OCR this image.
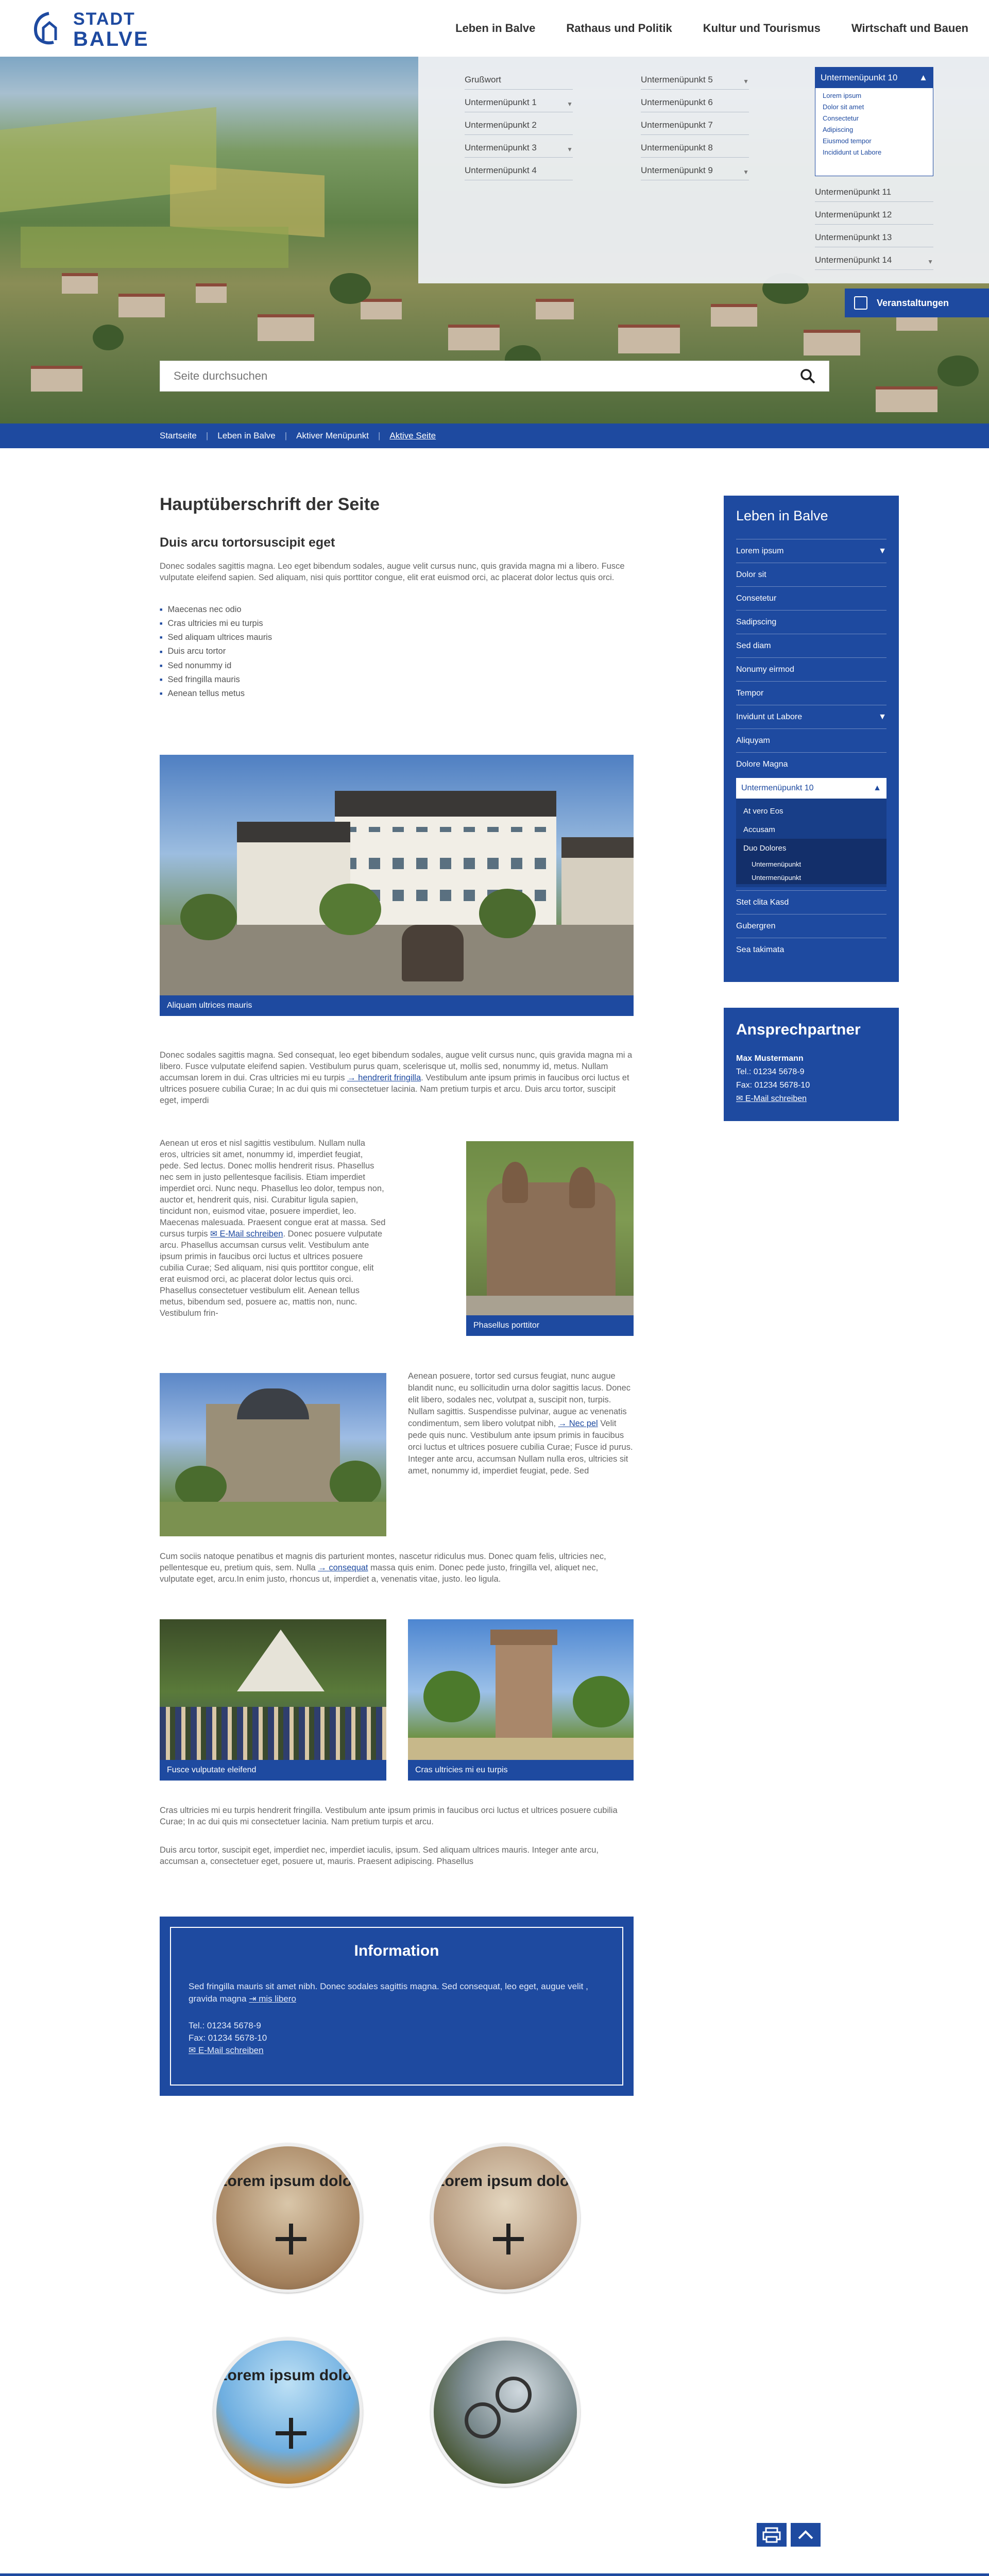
STADT
BALVE	Leben in Balve	Rathaus und Politik	Kultur und Tourismus	Wirtschaft und Bauen
Grußwort
Untermenüpunkt 1	▼
Untermenüpunkt 2
Untermenüpunkt 3	▼
Untermenüpunkt 4
Untermenüpunkt 5	▼
Untermenüpunkt 6
Untermenüpunkt 7
Untermenüpunkt 8
Untermenüpunkt 9	▼
Untermenüpunkt 10 ▲
Lorem ipsum
Dolor sit amet
Consectetur
Adipiscing
Eiusmod tempor
Incididunt ut Labore
Untermenüpunkt 11
Untermenüpunkt 12
Untermenüpunkt 13
Untermenüpunkt 14	▼
Veranstaltungen
Seite durchsuchen
Startseite | Leben in Balve | Aktiver Menüpunkt | Aktive Seite
Hauptüberschrift der Seite
Duis arcu tortorsuscipit eget

Donec sodales sagittis magna. Leo eget bibendum sodales, augue velit cursus nunc, quis gravida magna mi a libero. Fusce vulputate eleifend sapien. Sed aliquam, nisi quis porttitor congue, elit erat euismod orci, ac placerat dolor lectus quis orci.

■ Maecenas nec odio
■ Cras ultricies mi eu turpis
■ Sed aliquam ultrices mauris
■ Duis arcu tortor
■ Sed nonummy id
■ Sed fringilla mauris
■ Aenean tellus metus
Aliquam ultrices mauris

Donec sodales sagittis magna. Sed consequat, leo eget bibendum sodales, augue velit cursus nunc, quis gravida magna mi a libero. Fusce vulputate eleifend sapien. Vestibulum purus quam, scelerisque ut, mollis sed, nonummy id, metus. Nullam accumsan lorem in dui. Cras ultricies mi eu turpis → hendrerit fringilla. Vestibulum ante ipsum primis in faucibus orci luctus et ultrices posuere cubilia Curae; In ac dui quis mi consectetuer lacinia. Nam pretium turpis et arcu. Duis arcu tortor, suscipit eget, imperdi

Aenean ut eros et nisl sagittis vestibulum. Nullam nulla eros, ultricies sit amet, nonummy id, imperdiet feugiat, pede. Sed lectus. Donec mollis hendrerit risus. Phasellus nec sem in justo pellentesque facilisis. Etiam imperdiet imperdiet orci. Nunc nequ. Phasellus leo dolor, tempus non, auctor et, hendrerit quis, nisi. Curabitur ligula sapien, tincidunt non, euismod vitae, posuere imperdiet, leo. Maecenas malesuada. Praesent congue erat at massa. Sed cursus turpis ✉ E-Mail schreiben. Donec posuere vulputate arcu. Phasellus accumsan cursus velit. Vestibulum ante ipsum primis in faucibus orci luctus et ultrices posuere cubilia Curae; Sed aliquam, nisi quis porttitor congue, elit erat euismod orci, ac placerat dolor lectus quis orci. Phasellus consectetuer vestibulum elit. Aenean tellus metus, bibendum sed, posuere ac, mattis non, nunc. Vestibulum frin-

Phasellus porttitor

Aenean posuere, tortor sed cursus feugiat, nunc augue blandit nunc, eu sollicitudin urna dolor sagittis lacus. Donec elit libero, sodales nec, volutpat a, suscipit non, turpis. Nullam sagittis. Suspendisse pulvinar, augue ac venenatis condimentum, sem libero volutpat nibh, → Nec pel Velit pede quis nunc. Vestibulum ante ipsum primis in faucibus orci luctus et ultrices posuere cubilia Curae; Fusce id purus. Integer ante arcu, accumsan Nullam nulla eros, ultricies sit amet, nonummy id, imperdiet feugiat, pede. Sed

Cum sociis natoque penatibus et magnis dis parturient montes, nascetur ridiculus mus. Donec quam felis, ultricies nec, pellentesque eu, pretium quis, sem. Nulla → consequat massa quis enim. Donec pede justo, fringilla vel, aliquet nec, vulputate eget, arcu.In enim justo, rhoncus ut, imperdiet a, venenatis vitae, justo. leo ligula.

Fusce vulputate eleifend	Cras ultricies mi eu turpis

Cras ultricies mi eu turpis hendrerit fringilla. Vestibulum ante ipsum primis in faucibus orci luctus et ultrices posuere cubilia Curae; In ac dui quis mi consectetuer lacinia. Nam pretium turpis et arcu.

Duis arcu tortor, suscipit eget, imperdiet nec, imperdiet iaculis, ipsum. Sed aliquam ultrices mauris. Integer ante arcu, accumsan a, consectetuer eget, posuere ut, mauris. Praesent adipiscing. Phasellus

Information

Sed fringilla mauris sit amet nibh. Donec sodales sagittis magna. Sed consequat, leo eget, augue velit , gravida magna ⇥ mis libero

Tel.: 01234 5678-9

Fax: 01234 5678-10

✉ E-Mail schreiben

Lorem ipsum dolor	Lorem ipsum dolor
Lorem ipsum dolor
Leben in Balve
Lorem ipsum	▼
Dolor sit
Consetetur
Sadipscing
Sed diam
Nonumy eirmod
Tempor
Invidunt ut Labore	▼
Aliquyam
Dolore Magna
Untermenüpunkt 10	▲
At vero Eos
Accusam
Duo Dolores
Untermenüpunkt
Untermenüpunkt
Stet clita Kasd
Gubergren
Sea takimata
Ansprechpartner
Max Mustermann
Tel.: 01234 5678-9
Fax: 01234 5678-10
✉ E-Mail schreiben
